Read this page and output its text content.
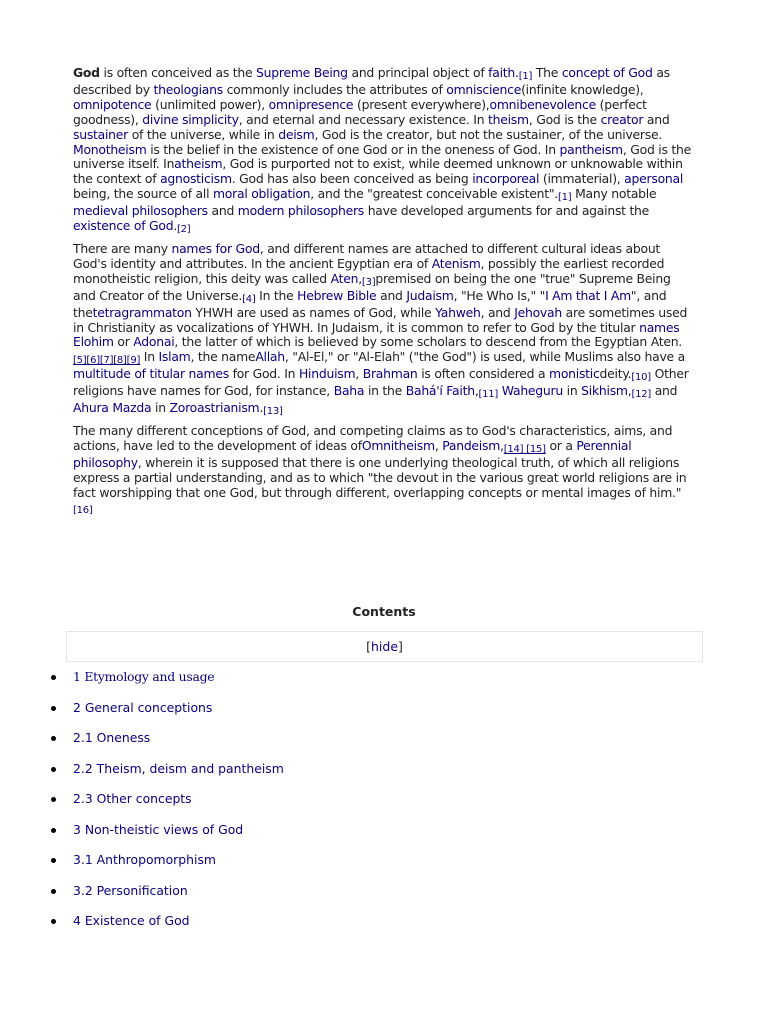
God is often conceived as the Supreme Being and principal object of faith.[1] The concept of God as described by theologians commonly includes the attributes of omniscience(infinite knowledge), omnipotence (unlimited power), omnipresence (present everywhere),omnibenevolence (perfect goodness), divine simplicity, and eternal and necessary existence. In theism, God is the creator and sustainer of the universe, while in deism, God is the creator, but not the sustainer, of the universe. Monotheism is the belief in the existence of one God or in the oneness of God. In pantheism, God is the universe itself. Inatheism, God is purported not to exist, while deemed unknown or unknowable within the context of agnosticism. God has also been conceived as being incorporeal (immaterial), apersonal being, the source of all moral obligation, and the "greatest conceivable existent".[1] Many notable medieval philosophers and modern philosophers have developed arguments for and against the existence of God.[2]

There are many names for God, and different names are attached to different cultural ideas about God's identity and attributes. In the ancient Egyptian era of Atenism, possibly the earliest recorded monotheistic religion, this deity was called Aten,[3]premised on being the one "true" Supreme Being and Creator of the Universe.[4] In the Hebrew Bible and Judaism, "He Who Is," "I Am that I Am", and thetetragrammaton YHWH are used as names of God, while Yahweh, and Jehovah are sometimes used in Christianity as vocalizations of YHWH. In Judaism, it is common to refer to God by the titular names Elohim or Adonai, the latter of which is believed by some scholars to descend from the Egyptian Aten.[5][6][7][8][9] In Islam, the nameAllah, "Al-El," or "Al-Elah" ("the God") is used, while Muslims also have a multitude of titular names for God. In Hinduism, Brahman is often considered a monisticdeity.[10] Other religions have names for God, for instance, Baha in the Bahá'í Faith,[11] Waheguru in Sikhism,[12] and Ahura Mazda in Zoroastrianism.[13]

The many different conceptions of God, and competing claims as to God's characteristics, aims, and actions, have led to the development of ideas ofOmnitheism, Pandeism,[14] [15] or a Perennial philosophy, wherein it is supposed that there is one underlying theological truth, of which all religions express a partial understanding, and as to which "the devout in the various great world religions are in fact worshipping that one God, but through different, overlapping concepts or mental images of him."[16]

Contents
[hide]
1 Etymology and usage
2 General conceptions
2.1 Oneness
2.2 Theism, deism and pantheism
2.3 Other concepts
3 Non-theistic views of God
3.1 Anthropomorphism
3.2 Personification
4 Existence of God
